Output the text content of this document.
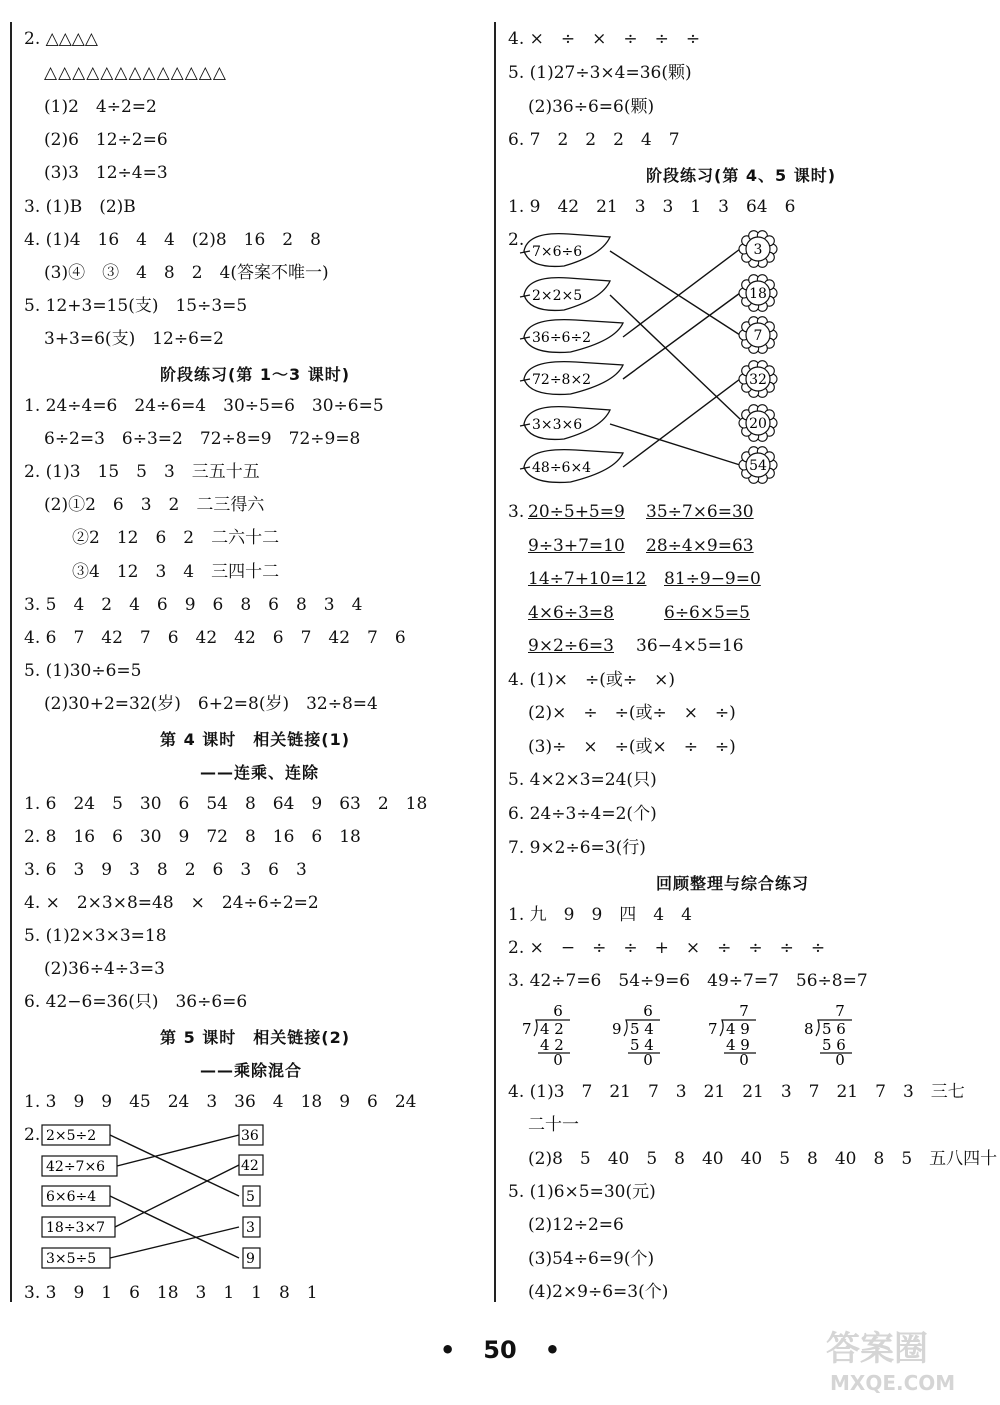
2. △△△△
△△△△△△△△△△△△△
(1)2　4÷2=2
(2)6　12÷2=6
(3)3　12÷4=3
3. (1)B　(2)B
4. (1)4　16　4　4　(2)8　16　2　8
(3)④　③　4　8　2　4(答案不唯一)
5. 12+3=15(支)　15÷3=5
3+3=6(支)　12÷6=2
阶段练习(第 1～3 课时)
1. 24÷4=6　24÷6=4　30÷5=6　30÷6=5
6÷2=3　6÷3=2　72÷8=9　72÷9=8
2. (1)3　15　5　3　三五十五
(2)①2　6　3　2　二三得六
②2　12　6　2　二六十二
③4　12　3　4　三四十二
3. 5　4　2　4　6　9　6　8　6　8　3　4
4. 6　7　42　7　6　42　42　6　7　42　7　6
5. (1)30÷6=5
(2)30+2=32(岁)　6+2=8(岁)　32÷8=4
第 4 课时　相关链接(1)
——连乘、连除
1. 6　24　5　30　6　54　8　64　9　63　2　18
2. 8　16　6　30　9　72　8　16　6　18
3. 6　3　9　3　8　2　6　3　6　3
4. ×　2×3×8=48　×　24÷6÷2=2
5. (1)2×3×3=18
(2)36÷4÷3=3
6. 42−6=36(只)　36÷6=6
第 5 课时　相关链接(2)
——乘除混合
1. 3　9　9　45　24　3　36　4　18　9　6　24
2. 2×5÷2
42÷7×6
6×6÷4
18÷3×7
3×5÷5
36
42
5
3
9
3. 3　9　1　6　18　3　1　1　8　1
4. ×　÷　×　÷　÷　÷
5. (1)27÷3×4=36(颗)
(2)36÷6=6(颗)
6. 7　2　2　2　4　7
阶段练习(第 4、5 课时)
1. 9　42　21　3　3　1　3　64　6
2.
7×6÷6
2×2×5
36÷6÷2
72÷8×2
3×3×6
48÷6×4
3
18
7
32
20
54
3. 20÷5+5=9 35÷7×6=30
9÷3+7=10 28÷4×9=63
14÷7+10=12 81÷9−9=0
4×6÷3=8	6÷6×5=5
9×2÷6=3 36−4×5=16
4. (1)×　÷(或÷　×)
(2)×　÷　÷(或÷　×　÷)
(3)÷　×　÷(或×　÷　÷)
5. 4×2×3=24(只)
6. 24÷3÷4=2(个)
7. 9×2÷6=3(行)
回顾整理与综合练习
1. 九　9　9　四　4　4
2. ×　−　÷　÷　+　×　÷　÷　÷　÷
3. 42÷7=6　54÷9=6　49÷7=7　56÷8=7
6
7 4 2
4 2
0
6
9 5 4
5 4
0
7
7 4 9
4 9
0
7
8 5 6
5 6
0
4. (1)3　7　21　7　3　21　21　3　7　21　7　3　三七
二十一
(2)8　5　40　5　8　40　40　5　8　40　8　5　五八四十
5. (1)6×5=30(元)
(2)12÷2=6
(3)54÷6=9(个)
(4)2×9÷6=3(个)
• 50 •	答案圈
MXQE.COM
